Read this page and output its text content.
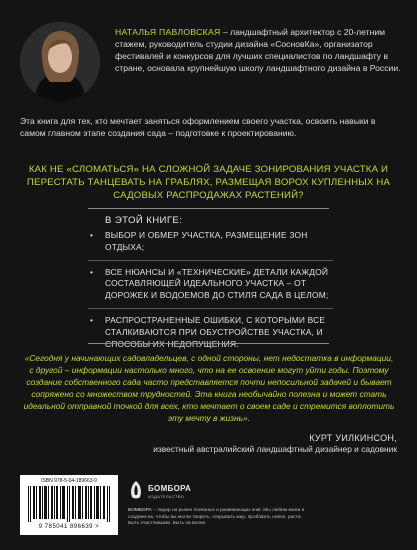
НАТАЛЬЯ ПАВЛОВСКАЯ – ландшафтный архитектор с 20-летним стажем, руководитель студии дизайна «СосновКа», организатор фестивалей и конкурсов для лучших специалистов по ландшафту в стране, основала крупнейшую школу ландшафтного дизайна в России.
Эта книга для тех, кто мечтает заняться оформлением своего участка, освоить навыки в самом главном этапе создания сада – подготовке к проектированию.
КАК НЕ «СЛОМАТЬСЯ» НА СЛОЖНОЙ ЗАДАЧЕ ЗОНИРОВАНИЯ УЧАСТКА И ПЕРЕСТАТЬ ТАНЦЕВАТЬ НА ГРАБЛЯХ, РАЗМЕЩАЯ ВОРОХ КУПЛЕННЫХ НА САДОВЫХ РАСПРОДАЖАХ РАСТЕНИЙ?
В ЭТОЙ КНИГЕ:
• ВЫБОР И ОБМЕР УЧАСТКА, РАЗМЕЩЕНИЕ ЗОН ОТДЫХА;
• ВСЕ НЮАНСЫ И «ТЕХНИЧЕСКИЕ» ДЕТАЛИ КАЖДОЙ СОСТАВЛЯЮЩЕЙ ИДЕАЛЬНОГО УЧАСТКА – ОТ ДОРОЖЕК И ВОДОЕМОВ ДО СТИЛЯ САДА В ЦЕЛОМ;
• РАСПРОСТРАНЕННЫЕ ОШИБКИ, С КОТОРЫМИ ВСЕ СТАЛКИВАЮТСЯ ПРИ ОБУСТРОЙСТВЕ УЧАСТКА, И СПОСОБЫ ИХ НЕДОПУЩЕНИЯ.
«Сегодня у начинающих садовладельцев, с одной стороны, нет недостатка в информации, с другой – информации настолько много, что на ее освоение могут уйти годы. Поэтому создание собственного сада часто представляется почти непосильной задачей и бывает сопряжено со множеством трудностей. Эта книга необычайно полезна и может стать идеальной отправной точкой для всех, кто мечтает о своем саде и стремится воплотить эту мечту в жизнь».
КУРТ УИЛКИНСОН,
известный австралийский ландшафтный дизайнер и садовник
ISBN 978-5-04-189663-9
9 785041 896639 >
БОМБОРА
ИЗДАТЕЛЬСТВО
БОМБОРА – лидер на рынке полезных и развивающих книг. Мы любим книги и создаем их, чтобы вы могли творить, открывать мир, пробовать новое, расти. Быть счастливыми. Быть на волне.
